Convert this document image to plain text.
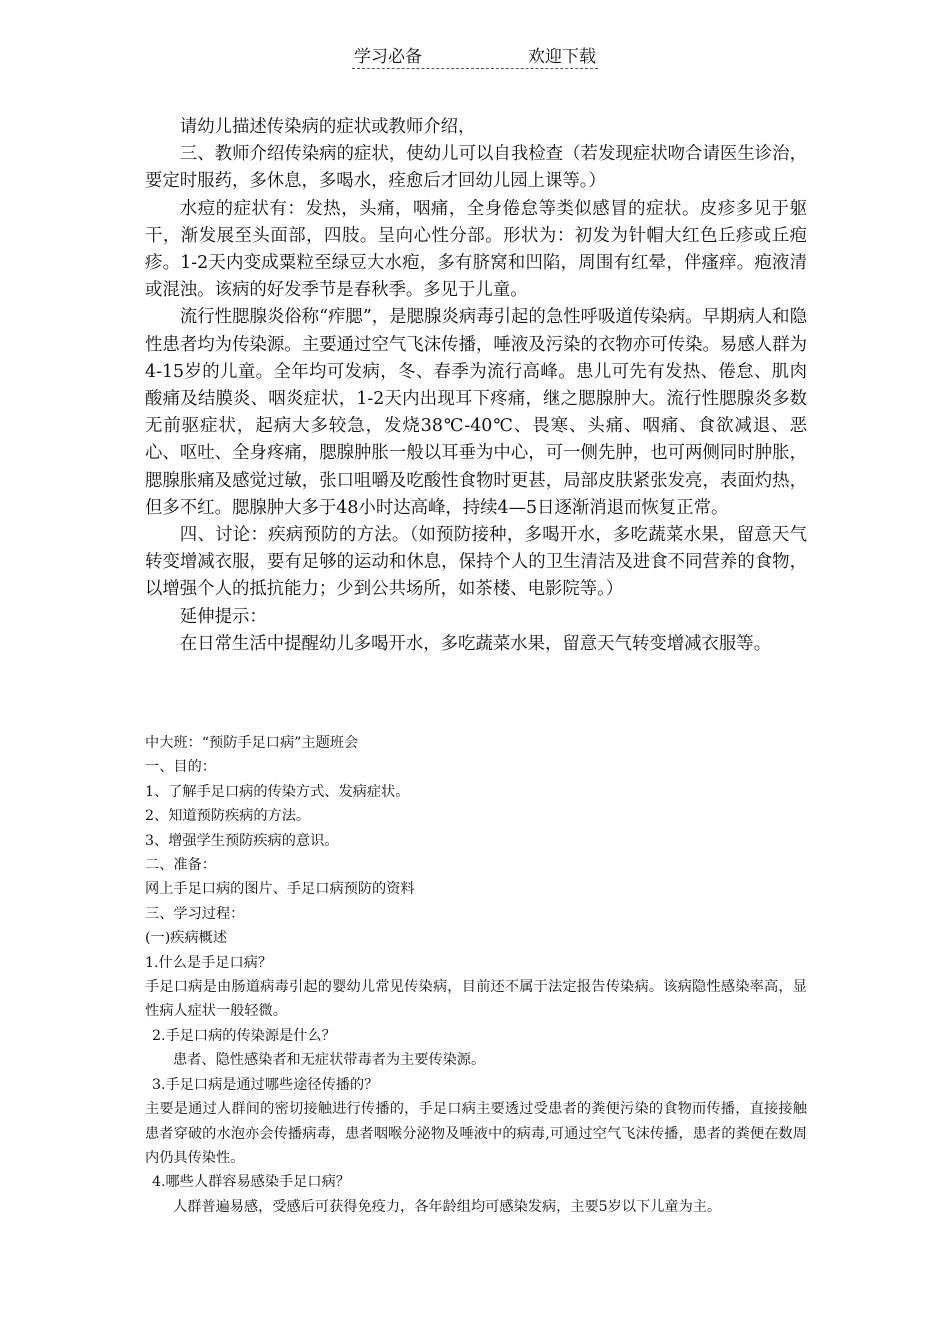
学习必备	欢迎下载

请幼儿描述传染病的症状或教师介绍，

三、教师介绍传染病的症状，使幼儿可以自我检查（若发现症状吻合请医生诊治，要定时服药，多休息，多喝水，痊愈后才回幼儿园上课等。）

水痘的症状有：发热，头痛，咽痛，全身倦怠等类似感冒的症状。皮疹多见于躯干，渐发展至头面部，四肢。呈向心性分部。形状为：初发为针帽大红色丘疹或丘疱疹。1-2天内变成粟粒至绿豆大水疱，多有脐窝和凹陷，周围有红晕，伴瘙痒。疱液清或混浊。该病的好发季节是春秋季。多见于儿童。

流行性腮腺炎俗称“痄腮”，是腮腺炎病毒引起的急性呼吸道传染病。早期病人和隐性患者均为传染源。主要通过空气飞沫传播，唾液及污染的衣物亦可传染。易感人群为4-15岁的儿童。全年均可发病，冬、春季为流行高峰。患儿可先有发热、倦怠、肌肉酸痛及结膜炎、咽炎症状，1-2天内出现耳下疼痛，继之腮腺肿大。流行性腮腺炎多数无前驱症状，起病大多较急，发烧38℃-40℃、畏寒、头痛、咽痛、食欲减退、恶心、呕吐、全身疼痛，腮腺肿胀一般以耳垂为中心，可一侧先肿，也可两侧同时肿胀，腮腺胀痛及感觉过敏，张口咀嚼及吃酸性食物时更甚，局部皮肤紧张发亮，表面灼热，但多不红。腮腺肿大多于48小时达高峰，持续4—5日逐渐消退而恢复正常。

四、讨论：疾病预防的方法。（如预防接种，多喝开水，多吃蔬菜水果，留意天气转变增减衣服，要有足够的运动和休息，保持个人的卫生清洁及进食不同营养的食物，以增强个人的抵抗能力；少到公共场所，如茶楼、电影院等。）

延伸提示：

在日常生活中提醒幼儿多喝开水，多吃蔬菜水果，留意天气转变增减衣服等。

中大班：“预防手足口病”主题班会

一、目的：

1、了解手足口病的传染方式、发病症状。

2、知道预防疾病的方法。

3、增强学生预防疾病的意识。

二、准备：

网上手足口病的图片、手足口病预防的资料

三、学习过程：

(一)疾病概述

1.什么是手足口病？

手足口病是由肠道病毒引起的婴幼儿常见传染病，目前还不属于法定报告传染病。该病隐性感染率高，显性病人症状一般轻微。

2.手足口病的传染源是什么？

患者、隐性感染者和无症状带毒者为主要传染源。

3.手足口病是通过哪些途径传播的？

主要是通过人群间的密切接触进行传播的，手足口病主要透过受患者的粪便污染的食物而传播，直接接触患者穿破的水泡亦会传播病毒，患者咽喉分泌物及唾液中的病毒,可通过空气飞沫传播，患者的粪便在数周内仍具传染性。

4.哪些人群容易感染手足口病？

人群普遍易感，受感后可获得免疫力，各年龄组均可感染发病，主要5岁以下儿童为主。
